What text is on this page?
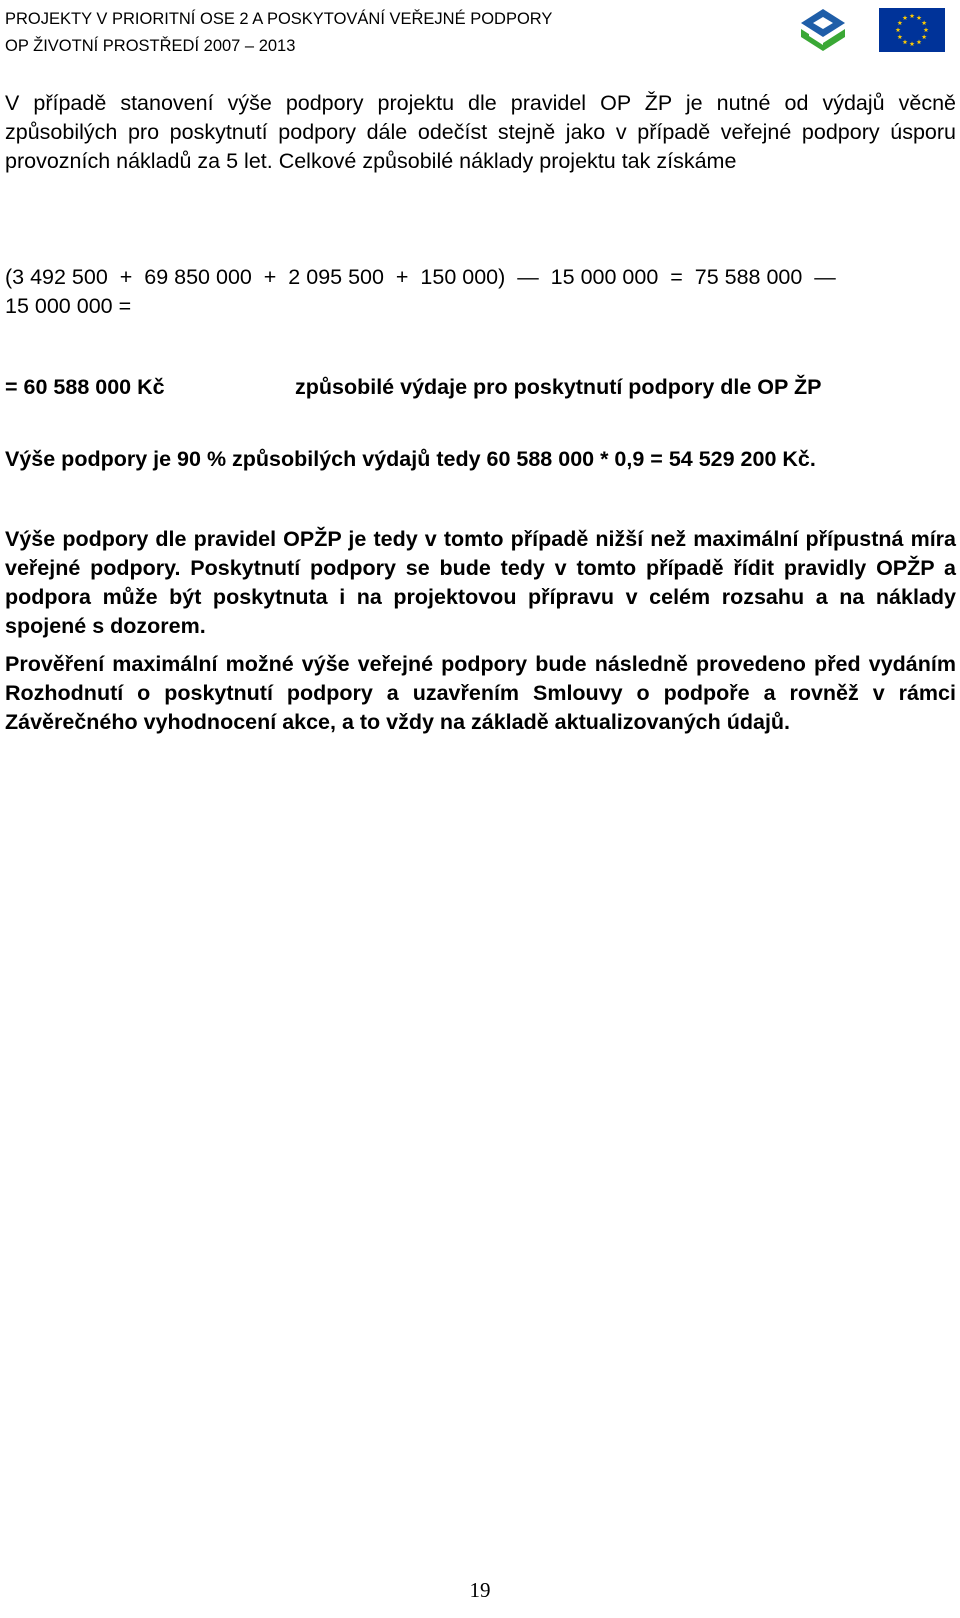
PROJEKTY V PRIORITNÍ OSE 2 A POSKYTOVÁNÍ VEŘEJNÉ PODPORY
OP ŽIVOTNÍ PROSTŘEDÍ 2007 – 2013
V případě stanovení výše podpory projektu dle pravidel OP ŽP je nutné od výdajů věcně způsobilých pro poskytnutí podpory dále odečíst stejně jako v případě veřejné podpory úsporu provozních nákladů za 5 let. Celkové způsobilé náklady projektu tak získáme
(3 492 500  +  69 850 000  +  2 095 500  +  150 000)  —  15 000 000  =  75 588 000  —
15 000 000 =
= 60 588 000 Kč	způsobilé výdaje pro poskytnutí podpory dle OP ŽP
Výše podpory je 90 % způsobilých výdajů tedy 60 588 000 * 0,9 = 54 529 200 Kč.
Výše podpory dle pravidel OPŽP je tedy v tomto případě nižší než maximální přípustná míra veřejné podpory. Poskytnutí podpory se bude tedy v tomto případě řídit pravidly OPŽP a podpora může být poskytnuta i na projektovou přípravu v celém rozsahu a na náklady spojené s dozorem.
Prověření maximální možné výše veřejné podpory bude následně provedeno před vydáním Rozhodnutí o poskytnutí podpory a uzavřením Smlouvy o podpoře a rovněž v rámci Závěrečného vyhodnocení akce, a to vždy na základě aktualizovaných údajů.
19
